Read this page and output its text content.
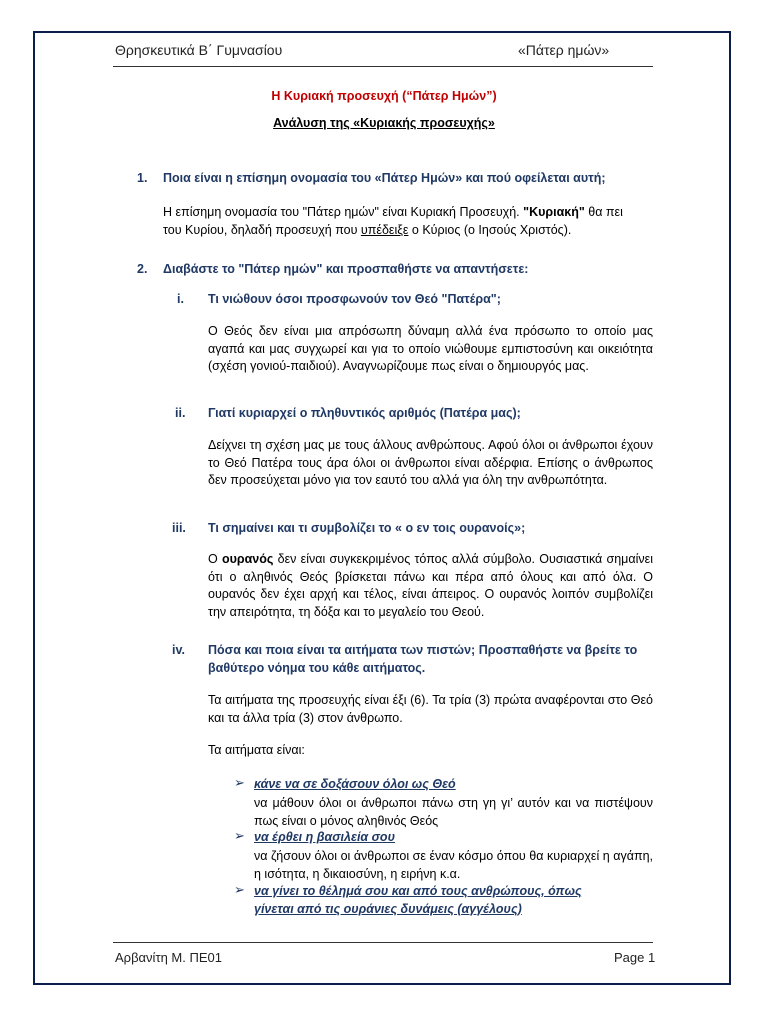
Θρησκευτικά Β΄ Γυμνασίου	«Πάτερ ημών»
Η Κυριακή προσευχή (“Πάτερ Ημών”)
Ανάλυση της «Κυριακής προσευχής»
1. Ποια είναι η επίσημη ονομασία του «Πάτερ Ημών» και πού οφείλεται αυτή;
Η επίσημη ονομασία του "Πάτερ ημών" είναι Κυριακή Προσευχή. "Κυριακή" θα πει
του Κυρίου, δηλαδή προσευχή που υπέδειξε ο Κύριος (ο Ιησούς Χριστός).
2. Διαβάστε το "Πάτερ ημών" και προσπαθήστε να απαντήσετε:
i. Τι νιώθουν όσοι προσφωνούν τον Θεό "Πατέρα";
Ο Θεός δεν είναι μια απρόσωπη δύναμη αλλά ένα πρόσωπο το οποίο μας αγαπά και μας συγχωρεί και για το οποίο νιώθουμε εμπιστοσύνη και οικειότητα (σχέση γονιού-παιδιού). Αναγνωρίζουμε πως είναι ο δημιουργός μας.
ii. Γιατί κυριαρχεί ο πληθυντικός αριθμός (Πατέρα μας);
Δείχνει τη σχέση μας με τους άλλους ανθρώπους. Αφού όλοι οι άνθρωποι έχουν το Θεό Πατέρα τους άρα όλοι οι άνθρωποι είναι αδέρφια. Επίσης ο άνθρωπος δεν προσεύχεται μόνο για τον εαυτό του αλλά για όλη την ανθρωπότητα.
iii. Τι σημαίνει και τι συμβολίζει το « ο εν τοις ουρανοίς»;
Ο ουρανός δεν είναι συγκεκριμένος τόπος αλλά σύμβολο. Ουσιαστικά σημαίνει ότι ο αληθινός Θεός βρίσκεται πάνω και πέρα από όλους και από όλα. Ο ουρανός δεν έχει αρχή και τέλος, είναι άπειρος. Ο ουρανός λοιπόν συμβολίζει την απειρότητα, τη δόξα και το μεγαλείο του Θεού.
iv. Πόσα και ποια είναι τα αιτήματα των πιστών; Προσπαθήστε να βρείτε το
βαθύτερο νόημα του κάθε αιτήματος.
Τα αιτήματα της προσευχής είναι έξι (6). Τα τρία (3) πρώτα αναφέρονται στο Θεό και τα άλλα τρία (3) στον άνθρωπο.
Τα αιτήματα είναι:
➢ κάνε να σε δοξάσουν όλοι ως Θεό
να μάθουν όλοι οι άνθρωποι πάνω στη γη γι’ αυτόν και να πιστέψουν πως είναι ο μόνος αληθινός Θεός
➢ να έρθει η βασιλεία σου
να ζήσουν όλοι οι άνθρωποι σε έναν κόσμο όπου θα κυριαρχεί η αγάπη, η ισότητα, η δικαιοσύνη, η ειρήνη κ.α.
➢ να γίνει το θέλημά σου και από τους ανθρώπους, όπως γίνεται από τις ουράνιες δυνάμεις (αγγέλους)
Αρβανίτη Μ. ΠΕ01	Page 1
